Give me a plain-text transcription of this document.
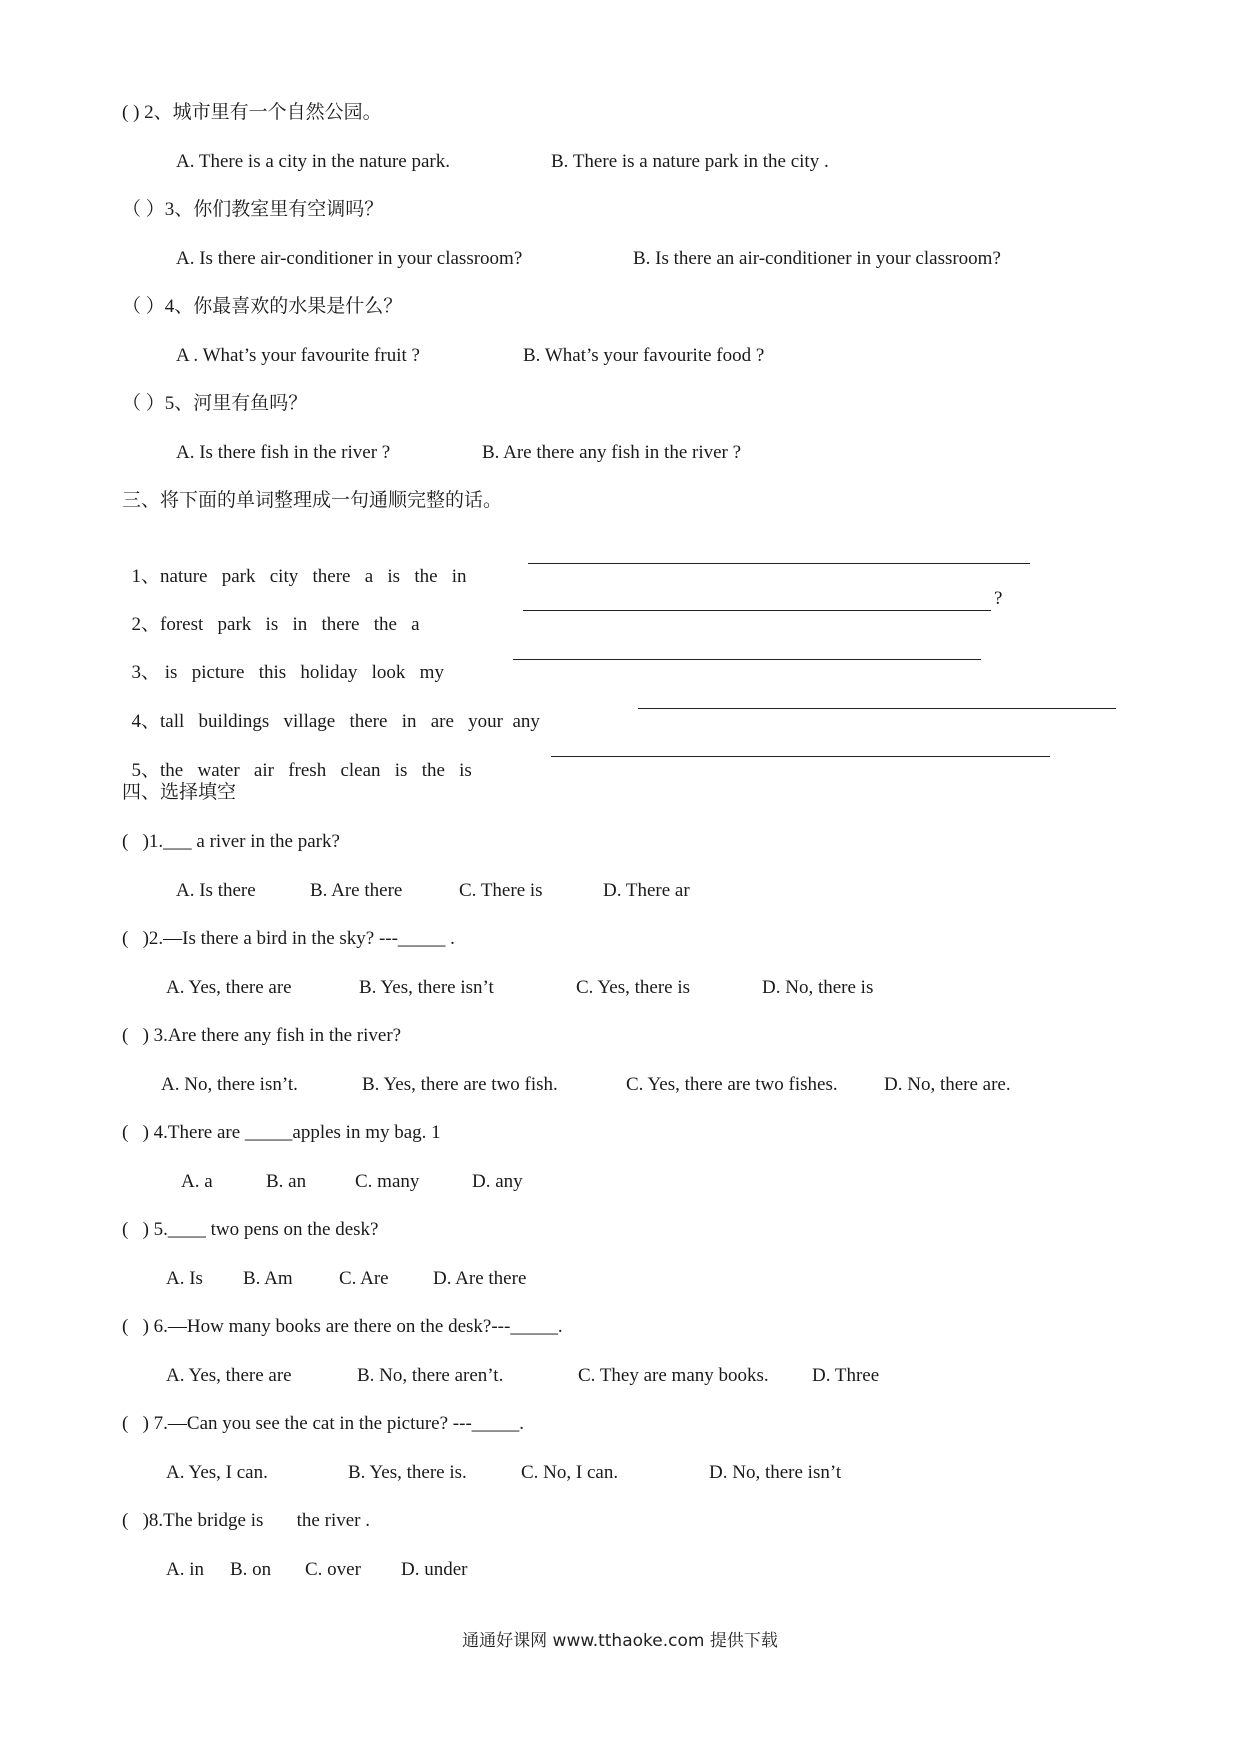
( ) 2、城市里有一个自然公园。
A. There is a city in the nature park.	B. There is a nature park in the city .
（ ）3、你们教室里有空调吗？
A. Is there air-conditioner in your classroom?	B. Is there an air-conditioner in your classroom?
（ ）4、你最喜欢的水果是什么？
A . What’s your favourite fruit ?	B. What’s your favourite food ?
（ ）5、河里有鱼吗？
A. Is there fish in the river ?	B. Are there any fish in the river ?
三、将下面的单词整理成一句通顺完整的话。

1、nature   park   city   there   a   is   the   in

2、forest   park   is   in   there   the   a

?

3、 is   picture   this   holiday   look   my

4、tall   buildings   village   there   in   are   your  any

5、the   water   air   fresh   clean   is   the   is

四、选择填空
(   )1.___ a river in the park?
A. Is there	B. Are there	C. There is	D. There ar
(   )2.—Is there a bird in the sky? ---_____ .
A. Yes, there are	B. Yes, there isn’t	C. Yes, there is	D. No, there is
(   ) 3.Are there any fish in the river?
A. No, there isn’t.	B. Yes, there are two fish.	C. Yes, there are two fishes. D. No, there are.
(   ) 4.There are _____apples in my bag. 1
A. a	B. an	C. many	D. any
(   ) 5.____ two pens on the desk?
A. Is B. Am C. Are D. Are there
(   ) 6.—How many books are there on the desk?---_____.
A. Yes, there are	B. No, there aren’t.	C. They are many books. D. Three
(   ) 7.—Can you see the cat in the picture? ---_____.
A. Yes, I can.	B. Yes, there is.	C. No, I can.	D. No, there isn’t
(   )8.The bridge is       the river .
A. in B. on C. over D. under
通通好课网 www.tthaoke.com 提供下载
